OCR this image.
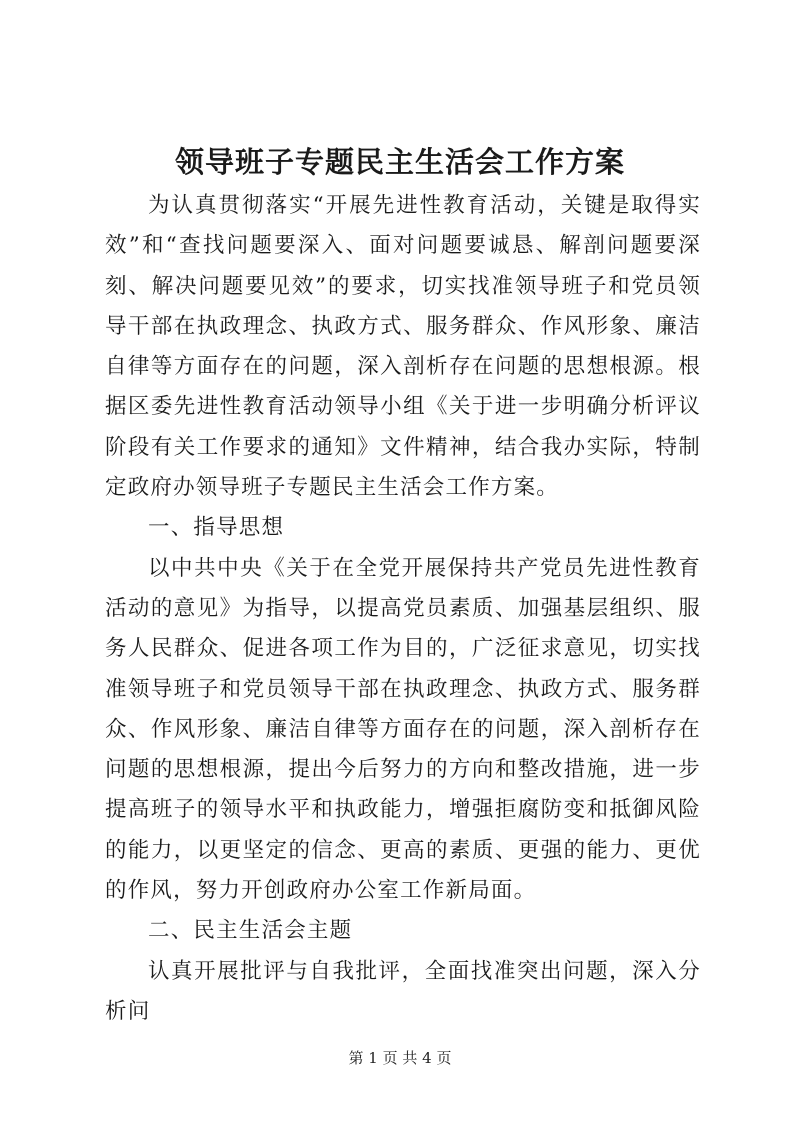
领导班子专题民主生活会工作方案

为认真贯彻落实“开展先进性教育活动，关键是取得实效”和“查找问题要深入、面对问题要诚恳、解剖问题要深刻、解决问题要见效”的要求，切实找准领导班子和党员领导干部在执政理念、执政方式、服务群众、作风形象、廉洁自律等方面存在的问题，深入剖析存在问题的思想根源。根据区委先进性教育活动领导小组《关于进一步明确分析评议阶段有关工作要求的通知》文件精神，结合我办实际，特制定政府办领导班子专题民主生活会工作方案。

一、指导思想

以中共中央《关于在全党开展保持共产党员先进性教育活动的意见》为指导，以提高党员素质、加强基层组织、服务人民群众、促进各项工作为目的，广泛征求意见，切实找准领导班子和党员领导干部在执政理念、执政方式、服务群众、作风形象、廉洁自律等方面存在的问题，深入剖析存在问题的思想根源，提出今后努力的方向和整改措施，进一步提高班子的领导水平和执政能力，增强拒腐防变和抵御风险的能力，以更坚定的信念、更高的素质、更强的能力、更优的作风，努力开创政府办公室工作新局面。

二、民主生活会主题

认真开展批评与自我批评，全面找准突出问题，深入分析问

第 1 页 共 4 页
